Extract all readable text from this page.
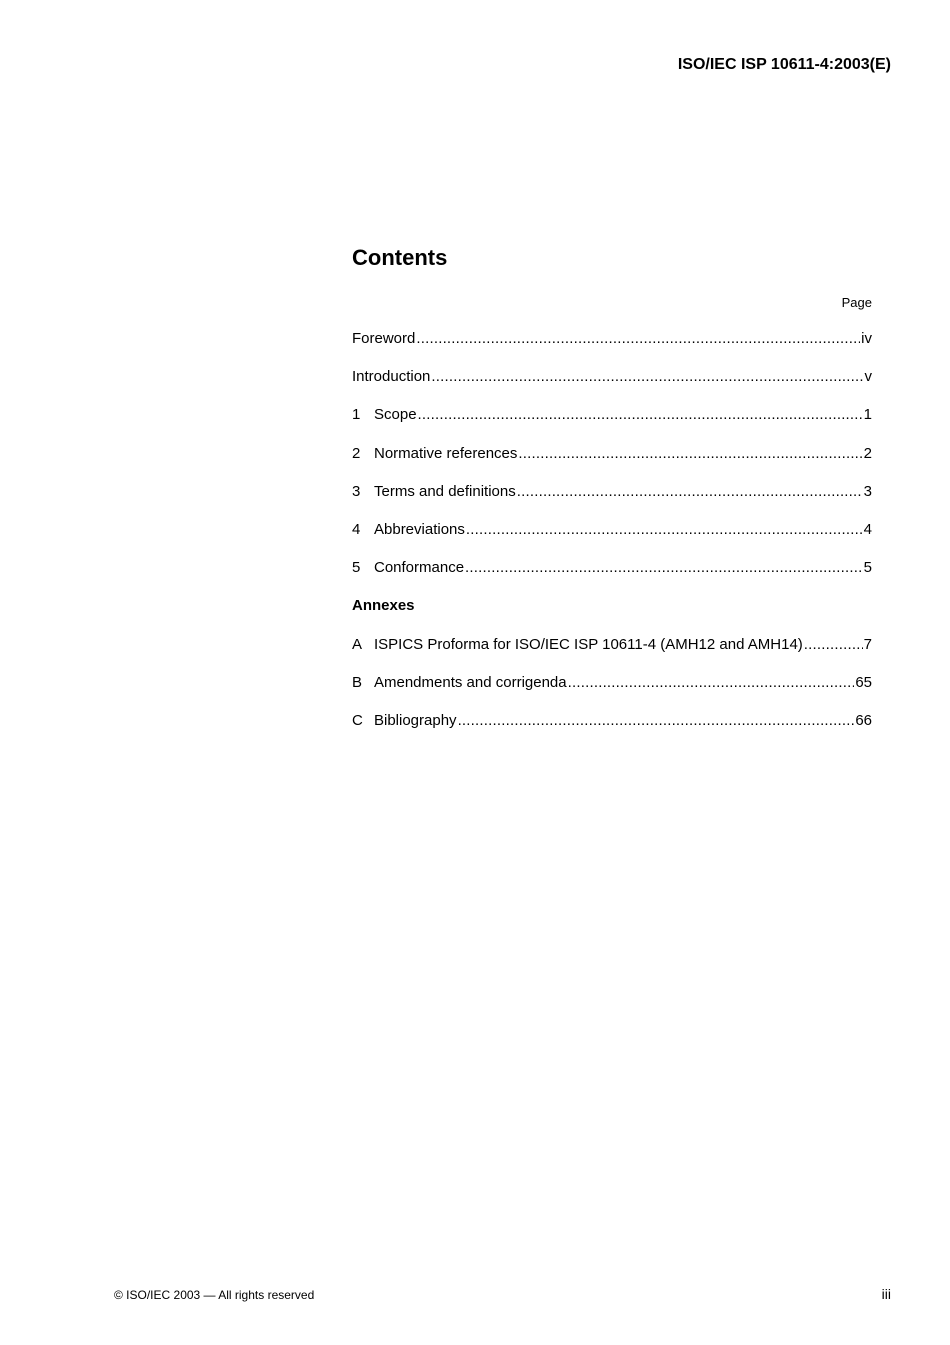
ISO/IEC ISP 10611-4:2003(E)
Contents
Page
Foreword .....	iv
Introduction .....	v
1 Scope .....	1
2 Normative references .....	2
3 Terms and definitions .....	3
4 Abbreviations .....	4
5 Conformance .....	5
Annexes
A ISPICS Proforma for ISO/IEC ISP 10611-4 (AMH12 and AMH14) .....	7
B Amendments and corrigenda .....	65
C Bibliography .....	66
© ISO/IEC 2003 — All rights reserved	iii
